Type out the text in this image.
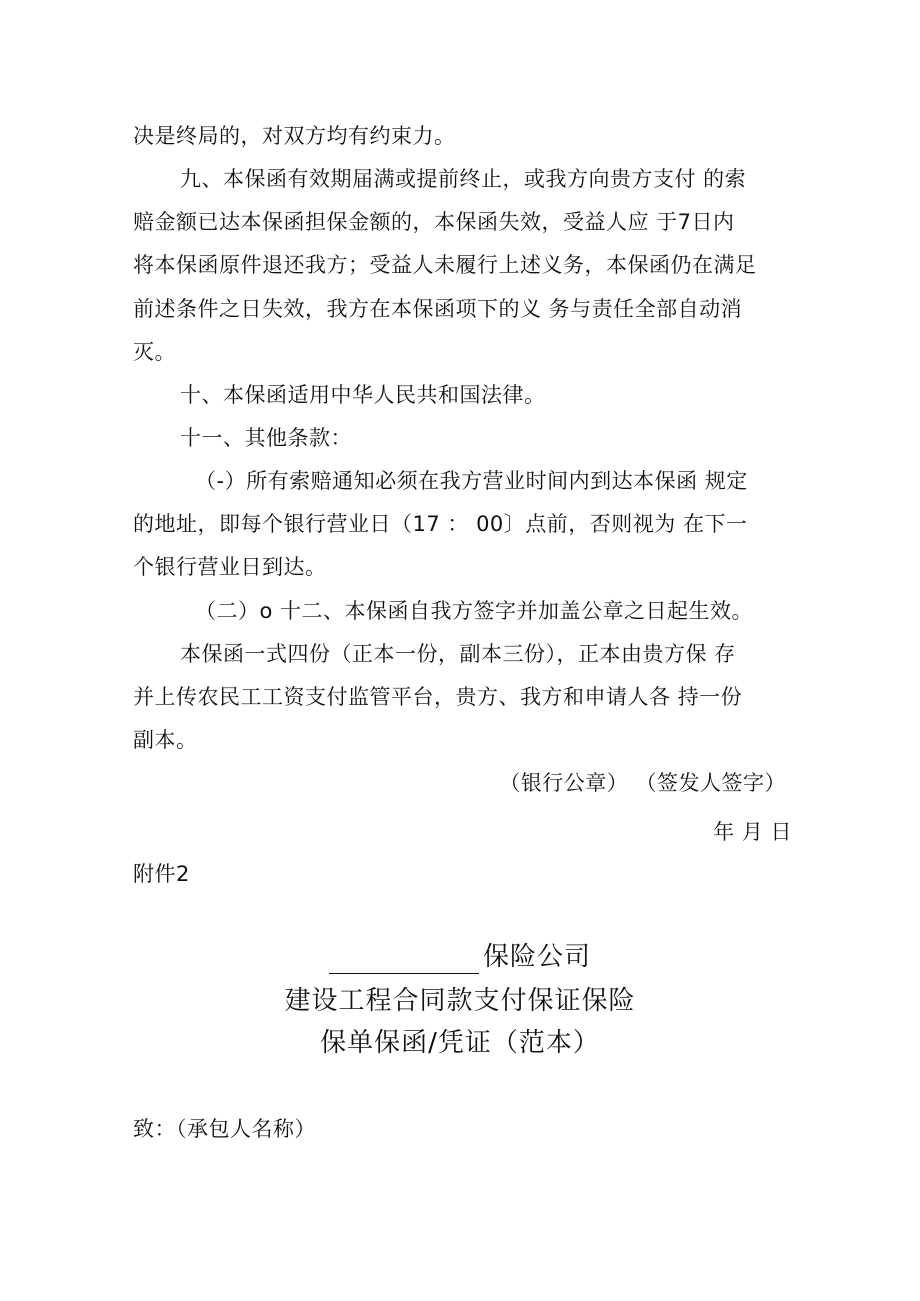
决是终局的，对双方均有约束力。
九、本保函有效期届满或提前终止，或我方向贵方支付 的索
赔金额已达本保函担保金额的，本保函失效，受益人应 于7日内
将本保函原件退还我方；受益人未履行上述义务，本保函仍在满足
前述条件之日失效，我方在本保函项下的义 务与责任全部自动消
灭。
十、本保函适用中华人民共和国法律。
十一、其他条款：
（-）所有索赔通知必须在我方营业时间内到达本保函 规定
的地址，即每个银行营业日（17 ： 00〕点前，否则视为 在下一
个银行营业日到达。
（二）o 十二、本保函自我方签字并加盖公章之日起生效。
本保函一式四份（正本一份，副本三份），正本由贵方保 存
并上传农民工工资支付监管平台，贵方、我方和申请人各 持一份
副本。
（银行公章） （签发人签字）
年 月 日
附件2
保险公司
建设工程合同款支付保证保险
保单保函/凭证（范本）
致：（承包人名称）
